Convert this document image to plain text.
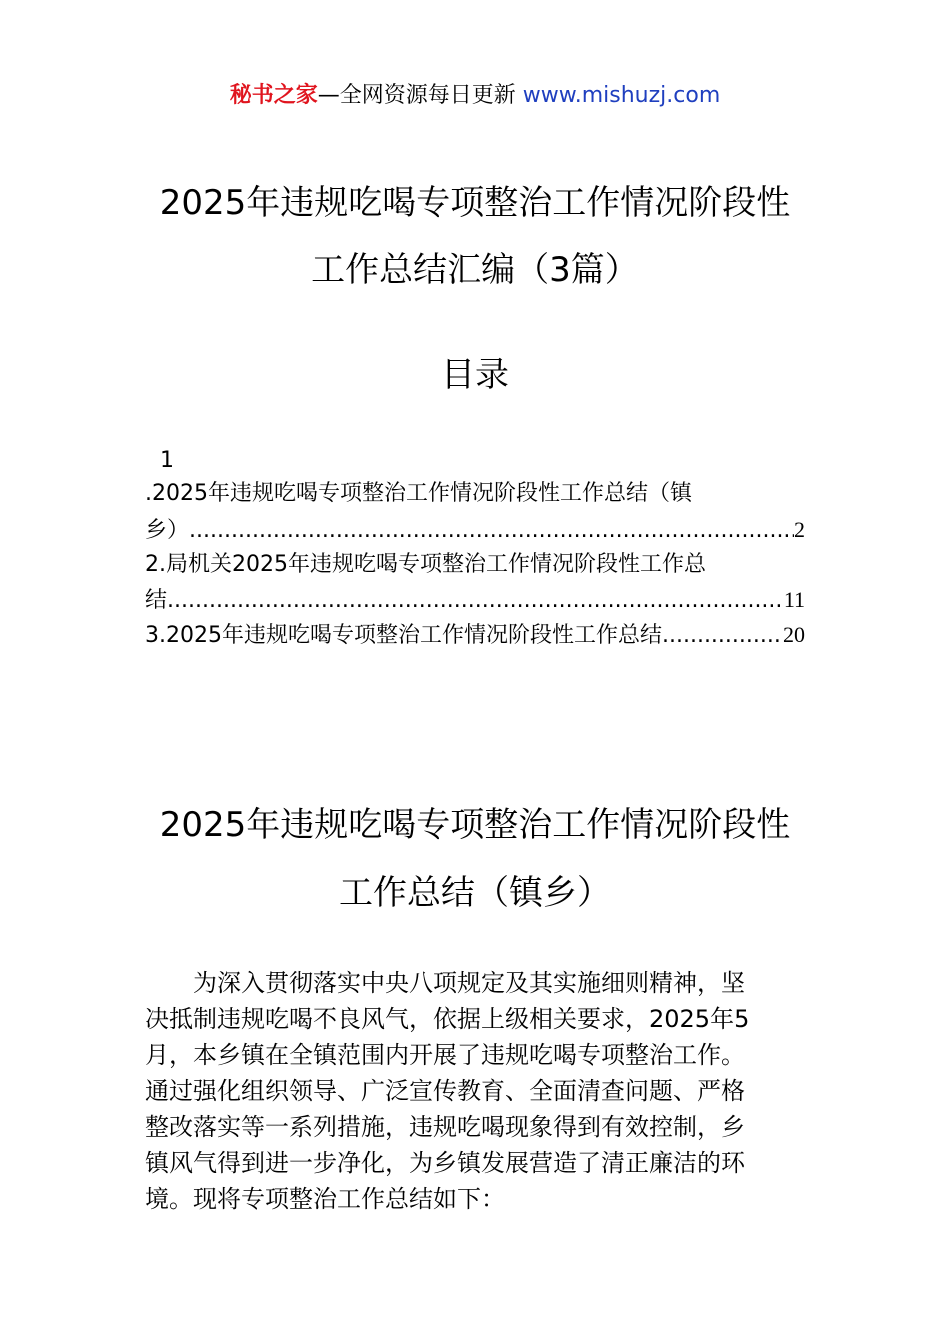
秘书之家—全网资源每日更新 www.mishuzj.com
2025年违规吃喝专项整治工作情况阶段性
工作总结汇编（3篇）
目录
1
.2025年违规吃喝专项整治工作情况阶段性工作总结（镇
乡） .....	2
2.局机关2025年违规吃喝专项整治工作情况阶段性工作总
结 .....	11
3.2025年违规吃喝专项整治工作情况阶段性工作总结 .....	20
2025年违规吃喝专项整治工作情况阶段性
工作总结（镇乡）
　　为深入贯彻落实中央八项规定及其实施细则精神，坚
决抵制违规吃喝不良风气，依据上级相关要求，2025年5
月，本乡镇在全镇范围内开展了违规吃喝专项整治工作。
通过强化组织领导、广泛宣传教育、全面清查问题、严格
整改落实等一系列措施，违规吃喝现象得到有效控制，乡
镇风气得到进一步净化，为乡镇发展营造了清正廉洁的环
境。现将专项整治工作总结如下：
